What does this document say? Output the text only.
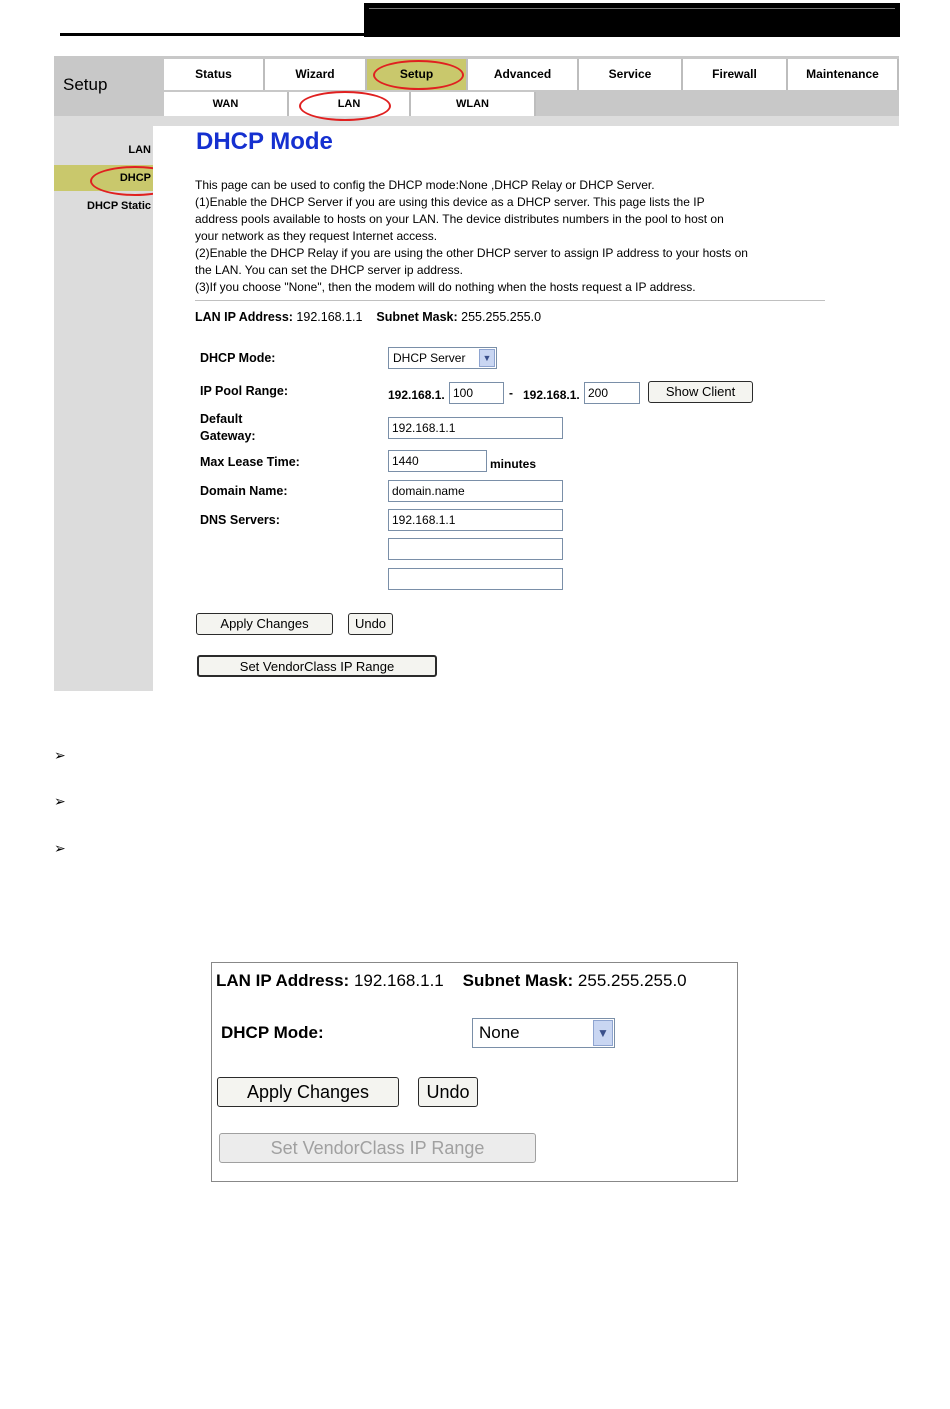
Setup
Status	Wizard	Setup	Advanced	Service	Firewall	Maintenance
WAN	LAN	WLAN
LAN
DHCP
DHCP Static
DHCP Mode
This page can be used to config the DHCP mode:None ,DHCP Relay or DHCP Server.
(1)Enable the DHCP Server if you are using this device as a DHCP server. This page lists the IP
address pools available to hosts on your LAN. The device distributes numbers in the pool to host on
your network as they request Internet access.
(2)Enable the DHCP Relay if you are using the other DHCP server to assign IP address to your hosts on
the LAN. You can set the DHCP server ip address.
(3)If you choose "None", then the modem will do nothing when the hosts request a IP address.
LAN IP Address: 192.168.1.1 Subnet Mask: 255.255.255.0
DHCP Mode:	DHCP Server	▼
IP Pool Range:	192.168.1. 100	- 192.168.1. 200	Show Client
Default
Gateway:
192.168.1.1
Max Lease Time:	1440	minutes
Domain Name:	domain.name
DNS Servers:	192.168.1.1
Apply Changes	Undo
Set VendorClass IP Range
➢
➢
➢
LAN IP Address: 192.168.1.1 Subnet Mask: 255.255.255.0
DHCP Mode:	None	▼
Apply Changes	Undo
Set VendorClass IP Range
